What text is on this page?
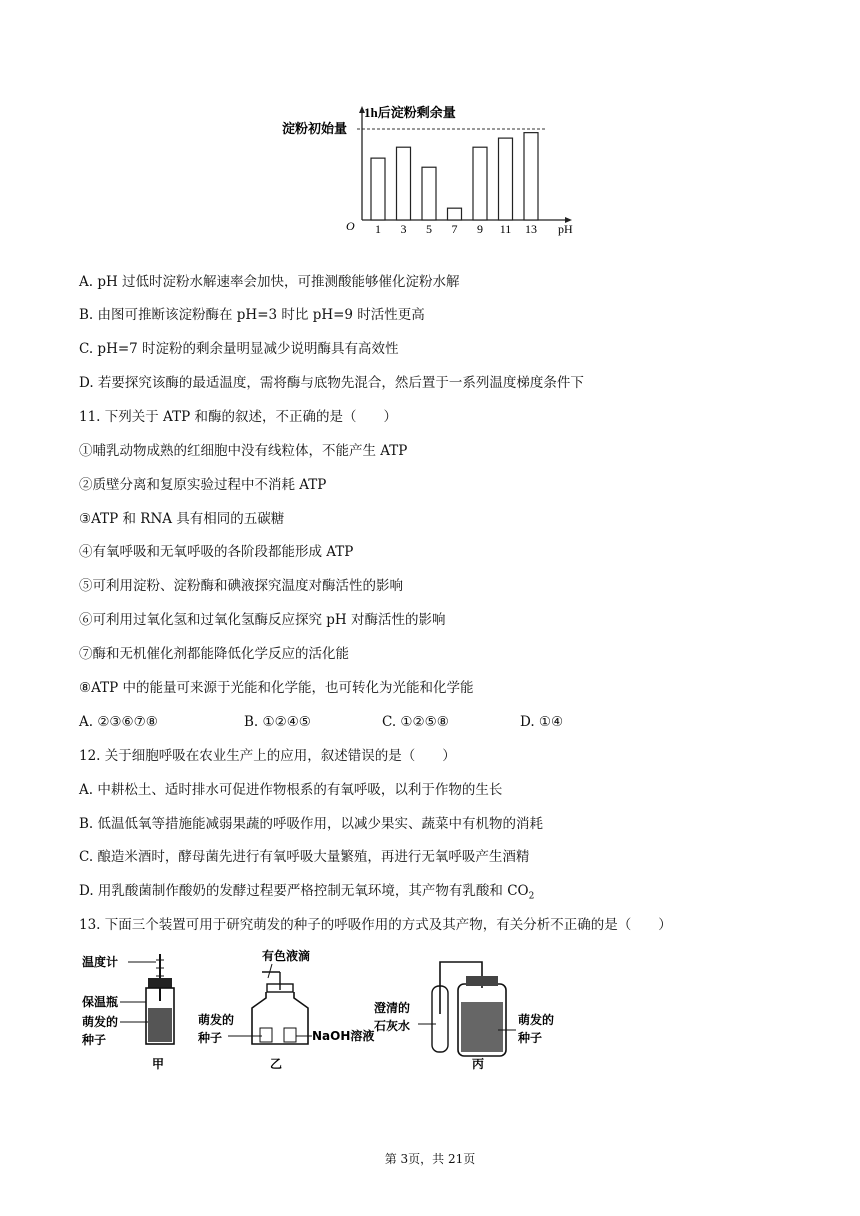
1h后淀粉剩余量
淀粉初始量
O	pH
1 3 5 7 9 11 13
A. pH 过低时淀粉水解速率会加快，可推测酸能够催化淀粉水解
B. 由图可推断该淀粉酶在 pH=3 时比 pH=9 时活性更高
C. pH=7 时淀粉的剩余量明显减少说明酶具有高效性
D. 若要探究该酶的最适温度，需将酶与底物先混合，然后置于一系列温度梯度条件下
11. 下列关于 ATP 和酶的叙述，不正确的是（　　）
①哺乳动物成熟的红细胞中没有线粒体，不能产生 ATP
②质壁分离和复原实验过程中不消耗 ATP
③ATP 和 RNA 具有相同的五碳糖
④有氧呼吸和无氧呼吸的各阶段都能形成 ATP
⑤可利用淀粉、淀粉酶和碘液探究温度对酶活性的影响
⑥可利用过氧化氢和过氧化氢酶反应探究 pH 对酶活性的影响
⑦酶和无机催化剂都能降低化学反应的活化能
⑧ATP 中的能量可来源于光能和化学能，也可转化为光能和化学能
A. ②③⑥⑦⑧	B. ①②④⑤	C. ①②⑤⑧	D. ①④
12. 关于细胞呼吸在农业生产上的应用，叙述错误的是（　　）
A. 中耕松土、适时排水可促进作物根系的有氧呼吸，以利于作物的生长
B. 低温低氧等措施能减弱果蔬的呼吸作用，以减少果实、蔬菜中有机物的消耗
C. 酿造米酒时，酵母菌先进行有氧呼吸大量繁殖，再进行无氧呼吸产生酒精
D. 用乳酸菌制作酸奶的发酵过程要严格控制无氧环境，其产物有乳酸和 $CO_2$
13. 下面三个装置可用于研究萌发的种子的呼吸作用的方式及其产物，有关分析不正确的是（　　）
温度计
保温瓶
萌发的
种子
甲
有色液滴
萌发的
种子	NaOH溶液
乙
澄清的
石灰水	萌发的
种子
丙
第 3页，共 21页
